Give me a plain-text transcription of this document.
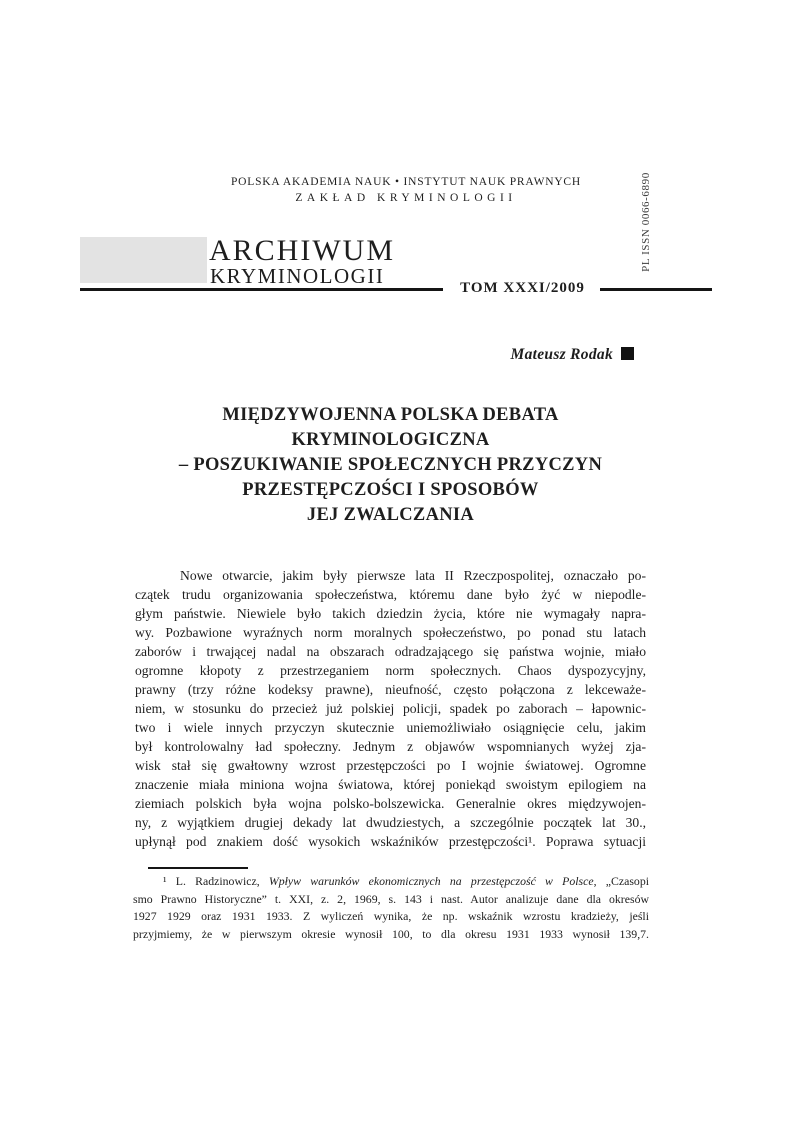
POLSKA AKADEMIA NAUK • INSTYTUT NAUK PRAWNYCH
ZAKŁAD KRYMINOLOGII	PL ISSN 0066-6890
ARCHIWUM
KRYMINOLOGII	TOM XXXI/2009
Mateusz Rodak
MIĘDZYWOJENNA POLSKA DEBATA
KRYMINOLOGICZNA
– POSZUKIWANIE SPOŁECZNYCH PRZYCZYN
PRZESTĘPCZOŚCI I SPOSOBÓW
JEJ ZWALCZANIA
Nowe otwarcie, jakim były pierwsze lata II Rzeczpospolitej, oznaczało po-
czątek trudu organizowania społeczeństwa, któremu dane było żyć w niepodle-
głym państwie. Niewiele było takich dziedzin życia, które nie wymagały napra-
wy. Pozbawione wyraźnych norm moralnych społeczeństwo, po ponad stu latach
zaborów i trwającej nadal na obszarach odradzającego się państwa wojnie, miało
ogromne kłopoty z przestrzeganiem norm społecznych. Chaos dyspozycyjny,
prawny (trzy różne kodeksy prawne), nieufność, często połączona z lekceważe-
niem, w stosunku do przecież już polskiej policji, spadek po zaborach – łapownic-
two i wiele innych przyczyn skutecznie uniemożliwiało osiągnięcie celu, jakim
był kontrolowalny ład społeczny. Jednym z objawów wspomnianych wyżej zja-
wisk stał się gwałtowny wzrost przestępczości po I wojnie światowej. Ogromne
znaczenie miała miniona wojna światowa, której poniekąd swoistym epilogiem na
ziemiach polskich była wojna polsko-bolszewicka. Generalnie okres międzywojen-
ny, z wyjątkiem drugiej dekady lat dwudziestych, a szczególnie początek lat 30.,
upłynął pod znakiem dość wysokich wskaźników przestępczości¹. Poprawa sytuacji
¹ L. Radzinowicz, Wpływ warunków ekonomicznych na przestępczość w Polsce, „Czasopi
smo Prawno Historyczne” t. XXI, z. 2, 1969, s. 143 i nast. Autor analizuje dane dla okresów
1927 1929 oraz 1931 1933. Z wyliczeń wynika, że np. wskaźnik wzrostu kradzieży, jeśli
przyjmiemy, że w pierwszym okresie wynosił 100, to dla okresu 1931 1933 wynosił 139,7.
